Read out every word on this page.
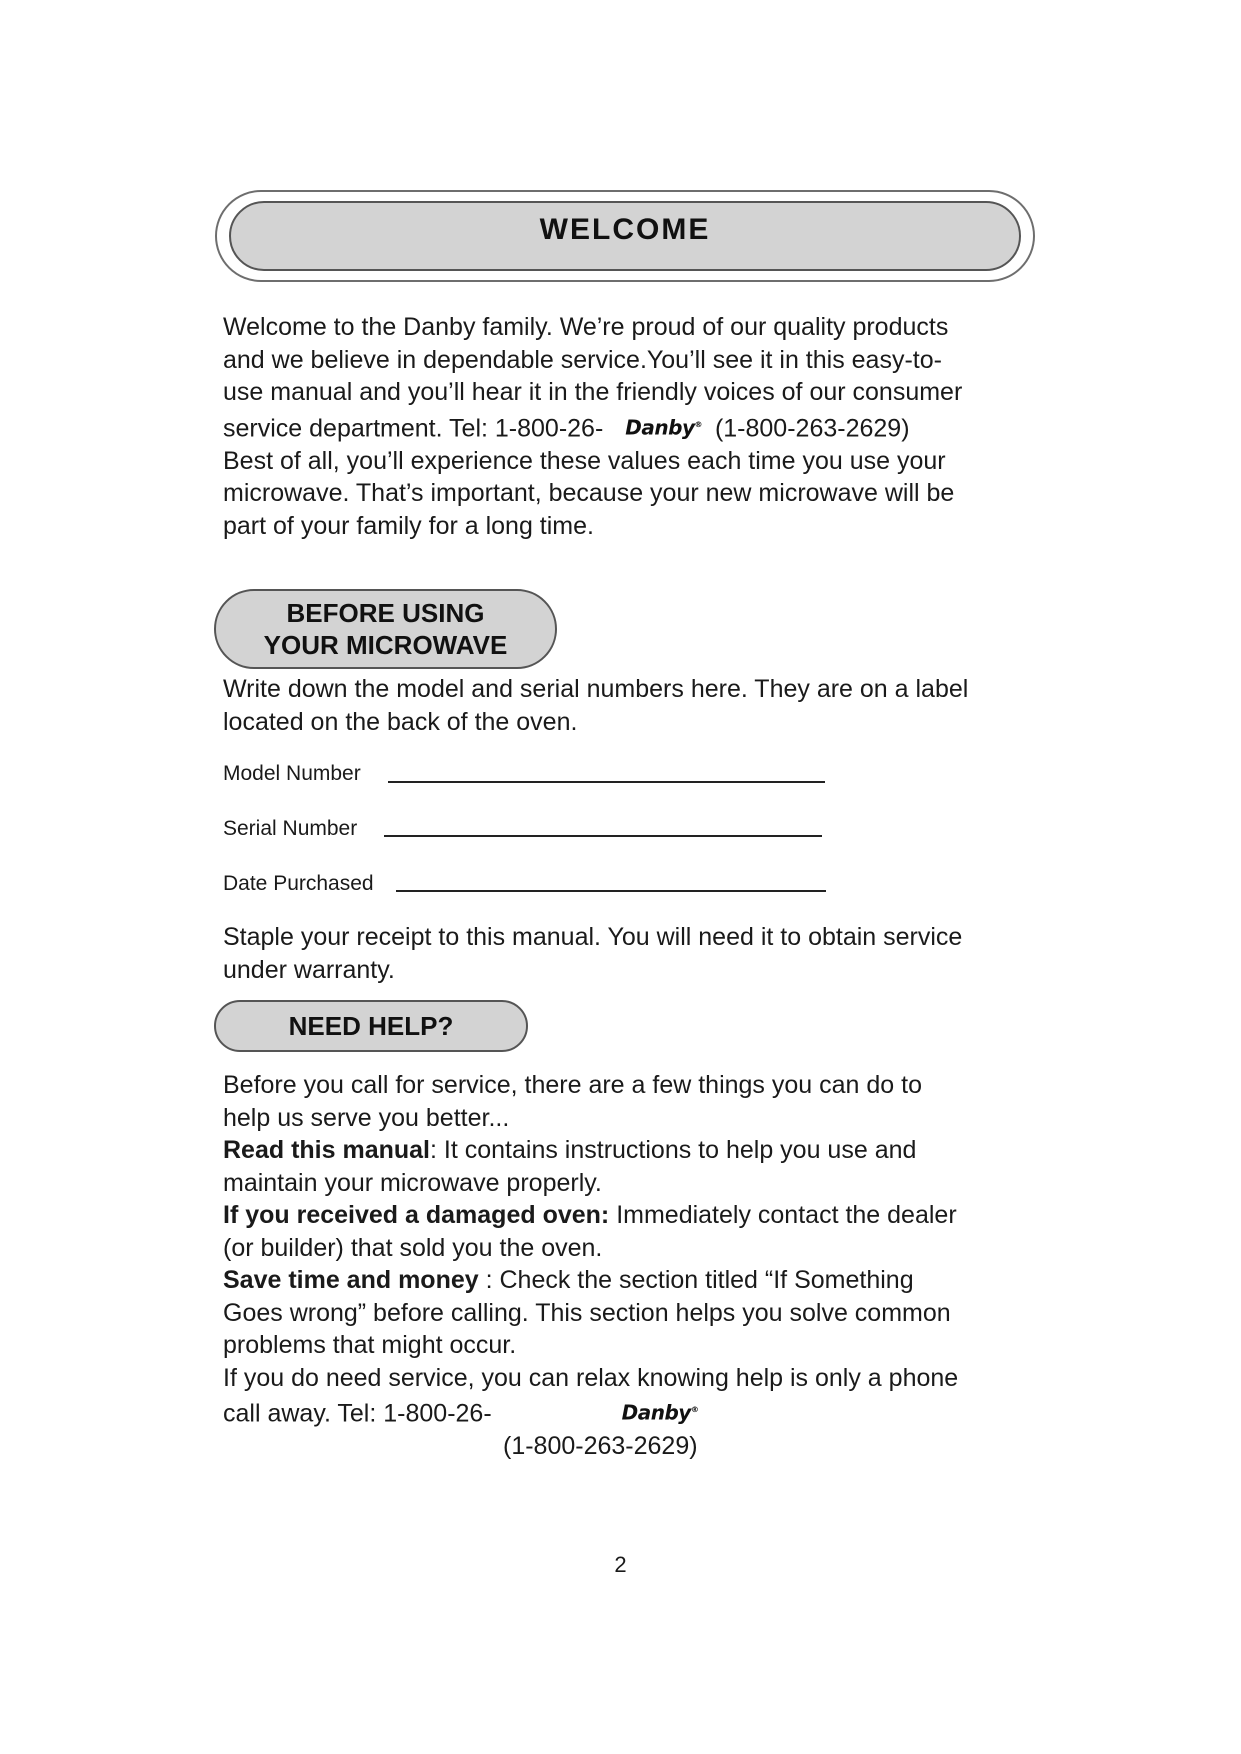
WELCOME

Welcome to the Danby family. We’re proud of our quality products
and we believe in dependable service.You’ll see it in this easy-to-
use manual and you’ll hear it in the friendly voices of our consumer
service department. Tel: 1-800-26- Danby® (1-800-263-2629)
Best of all, you’ll experience these values each time you use your
microwave. That’s important, because your new microwave will be
part of your family for a long time.

BEFORE USING
YOUR MICROWAVE

Write down the model and serial numbers here. They are on a label
located on the back of the oven.

Model Number
Serial Number
Date Purchased

Staple your receipt to this manual. You will need it to obtain service
under warranty.

NEED HELP?

Before you call for service, there are a few things you can do to
help us serve you better...
Read this manual: It contains instructions to help you use and
maintain your microwave properly.
If you received a damaged oven: Immediately contact the dealer
(or builder) that sold you the oven.
Save time and money : Check the section titled “If Something
Goes wrong” before calling. This section helps you solve common
problems that might occur.
If you do need service, you can relax knowing help is only a phone
call away. Tel: 1-800-26-	Danby®
(1-800-263-2629)

2
